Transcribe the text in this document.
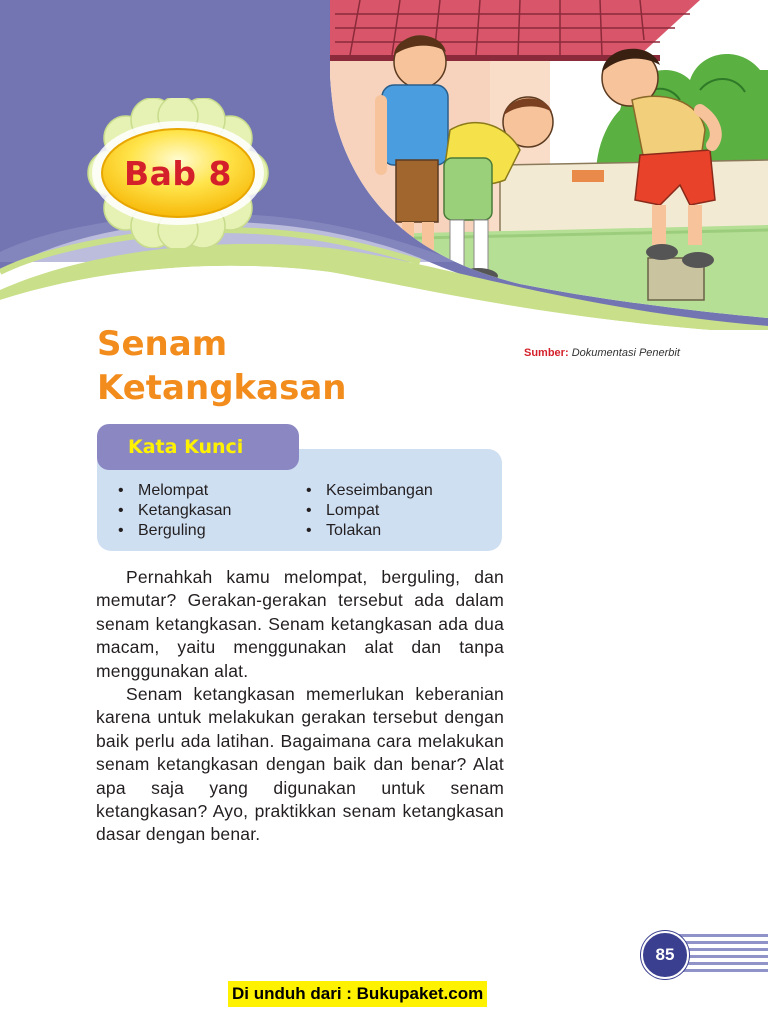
Bab 8
Senam
Ketangkasan
Sumber: Dokumentasi Penerbit
Kata Kunci
• Melompat
• Ketangkasan
• Berguling
• Keseimbangan
• Lompat
• Tolakan

Pernahkah kamu melompat, berguling, dan memutar? Gerakan-gerakan tersebut ada dalam senam ketangkasan. Senam ketangkasan ada dua macam, yaitu menggunakan alat dan tanpa menggunakan alat.

Senam ketangkasan memerlukan keberanian karena untuk melakukan gerakan tersebut dengan baik perlu ada latihan. Bagaimana cara melakukan senam ketangkasan dengan baik dan benar? Alat apa saja yang digunakan untuk senam ketangkasan? Ayo, praktikkan senam ketangkasan dasar dengan benar.

85
Di unduh dari : Bukupaket.com
